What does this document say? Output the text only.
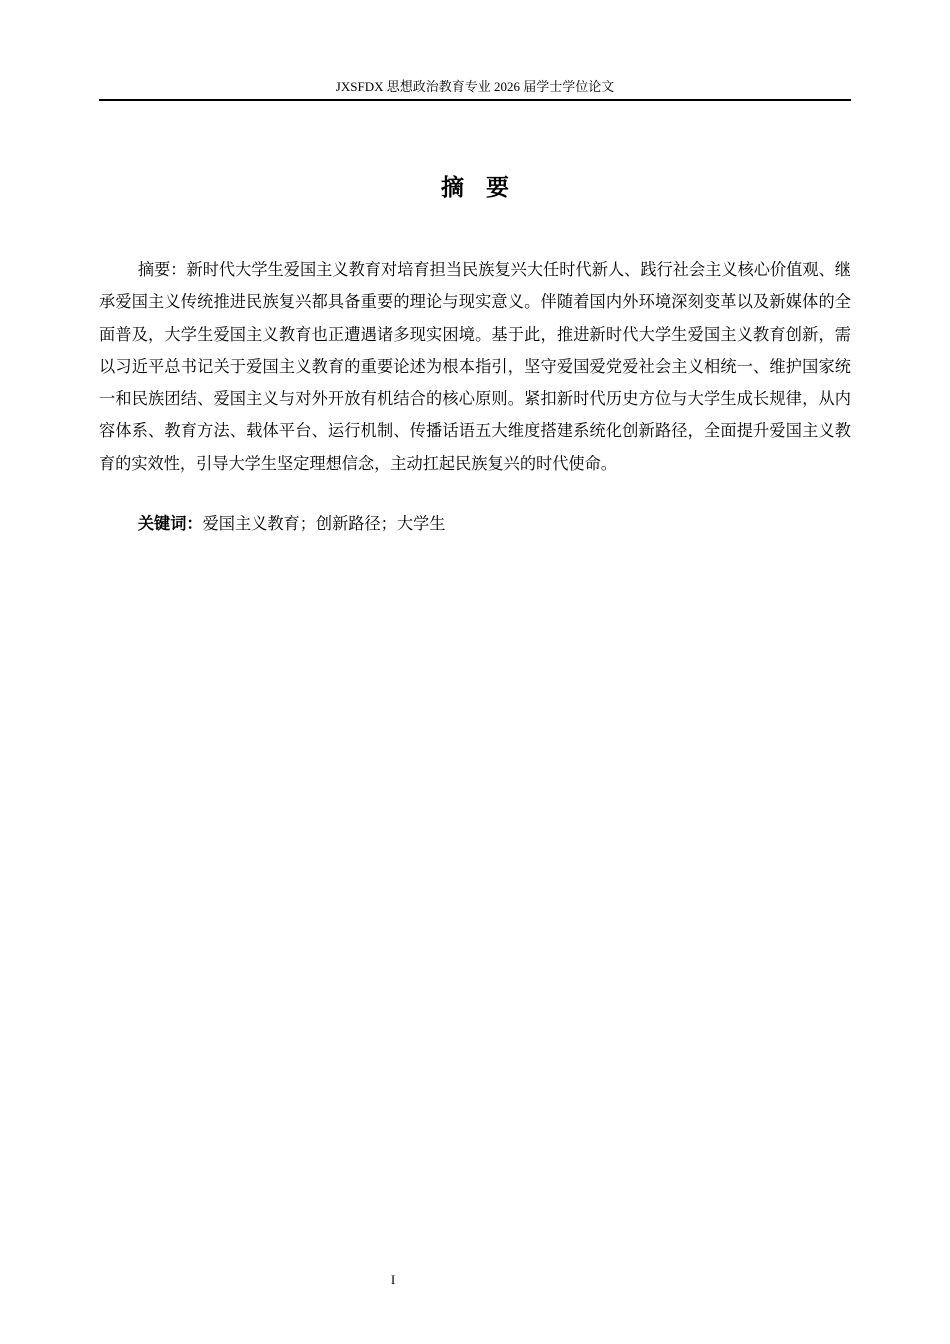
JXSFDX 思想政治教育专业 2026 届学士学位论文
摘要

摘要：新时代大学生爱国主义教育对培育担当民族复兴大任时代新人、践行社会主义核心价值观、继承爱国主义传统推进民族复兴都具备重要的理论与现实意义。伴随着国内外环境深刻变革以及新媒体的全面普及，大学生爱国主义教育也正遭遇诸多现实困境。基于此，推进新时代大学生爱国主义教育创新，需以习近平总书记关于爱国主义教育的重要论述为根本指引，坚守爱国爱党爱社会主义相统一、维护国家统一和民族团结、爱国主义与对外开放有机结合的核心原则。紧扣新时代历史方位与大学生成长规律，从内容体系、教育方法、载体平台、运行机制、传播话语五大维度搭建系统化创新路径，全面提升爱国主义教育的实效性，引导大学生坚定理想信念，主动扛起民族复兴的时代使命。

关键词：爱国主义教育；创新路径；大学生

I
